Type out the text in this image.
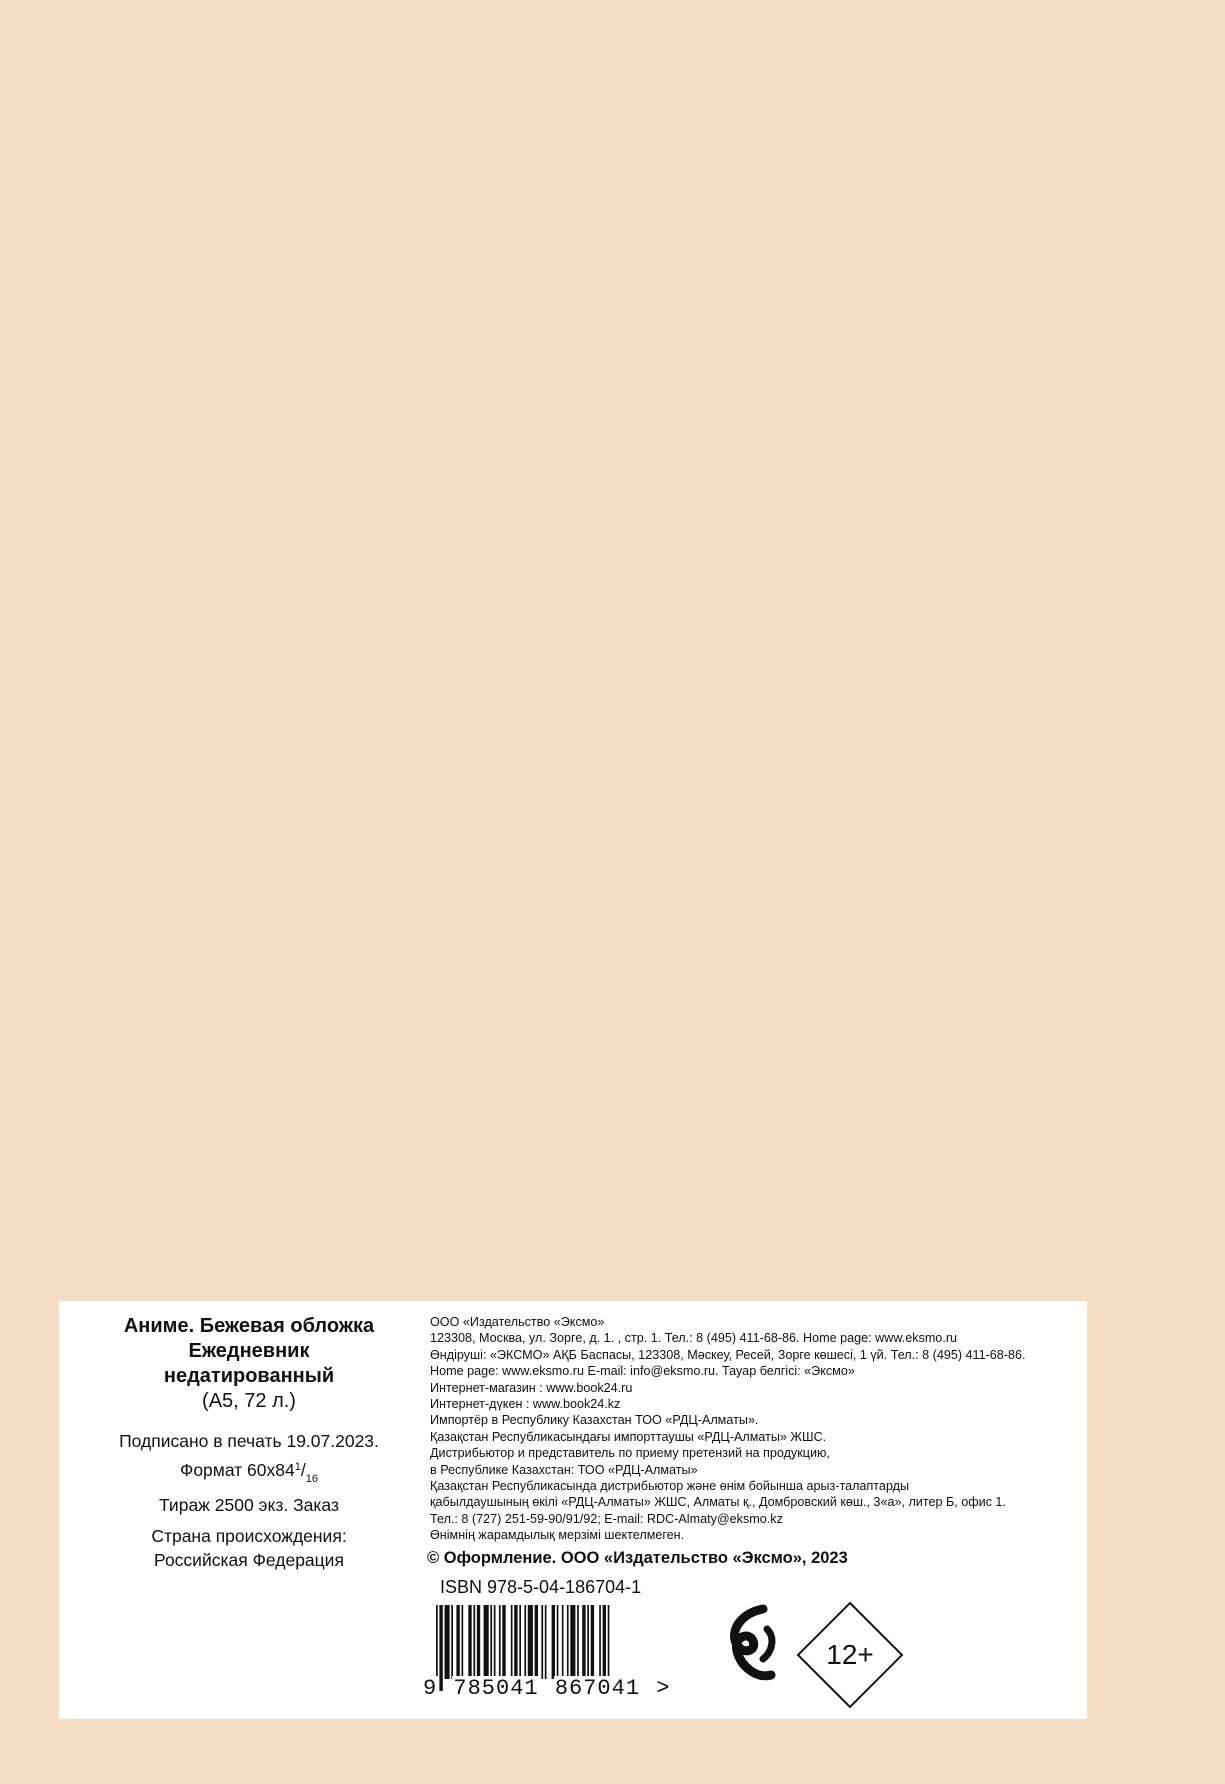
Аниме. Бежевая обложка
Ежедневник
недатированный
(А5, 72 л.)
Подписано в печать 19.07.2023.
Формат $60х84^1/_{16}$
Тираж 2500 экз. Заказ
Страна происхождения:
Российская Федерация
ООО «Издательство «Эксмо»
123308, Москва, ул. Зорге, д. 1. , стр. 1. Тел.: 8 (495) 411-68-86. Home page: www.eksmo.ru
Өндіруші: «ЭКСМО» АҚБ Баспасы, 123308, Мәскеу, Ресей, Зорге көшесі, 1 үй. Тел.: 8 (495) 411-68-86.
Home page: www.eksmo.ru E-mail: info@eksmo.ru. Тауар белгісі: «Эксмо»
Интернет-магазин : www.book24.ru
Интернет-дүкен : www.book24.kz
Импортёр в Республику Казахстан ТОО «РДЦ-Алматы».
Қазақстан Республикасындағы импорттаушы «РДЦ-Алматы» ЖШС.
Дистрибьютор и представитель по приему претензий на продукцию,
в Республике Казахстан: ТОО «РДЦ-Алматы»
Қазақстан Республикасында дистрибьютор және өнім бойынша арыз-талаптарды
қабылдаушының өкілі «РДЦ-Алматы» ЖШС, Алматы қ., Домбровский көш., 3«а», литер Б, офис 1.
Тел.: 8 (727) 251-59-90/91/92; E-mail: RDC-Almaty@eksmo.kz
Өнімнің жарамдылық мерзімі шектелмеген.
© Оформление. ООО «Издательство «Эксмо», 2023
ISBN 978-5-04-186704-1
9 785041 867041 >
12+
